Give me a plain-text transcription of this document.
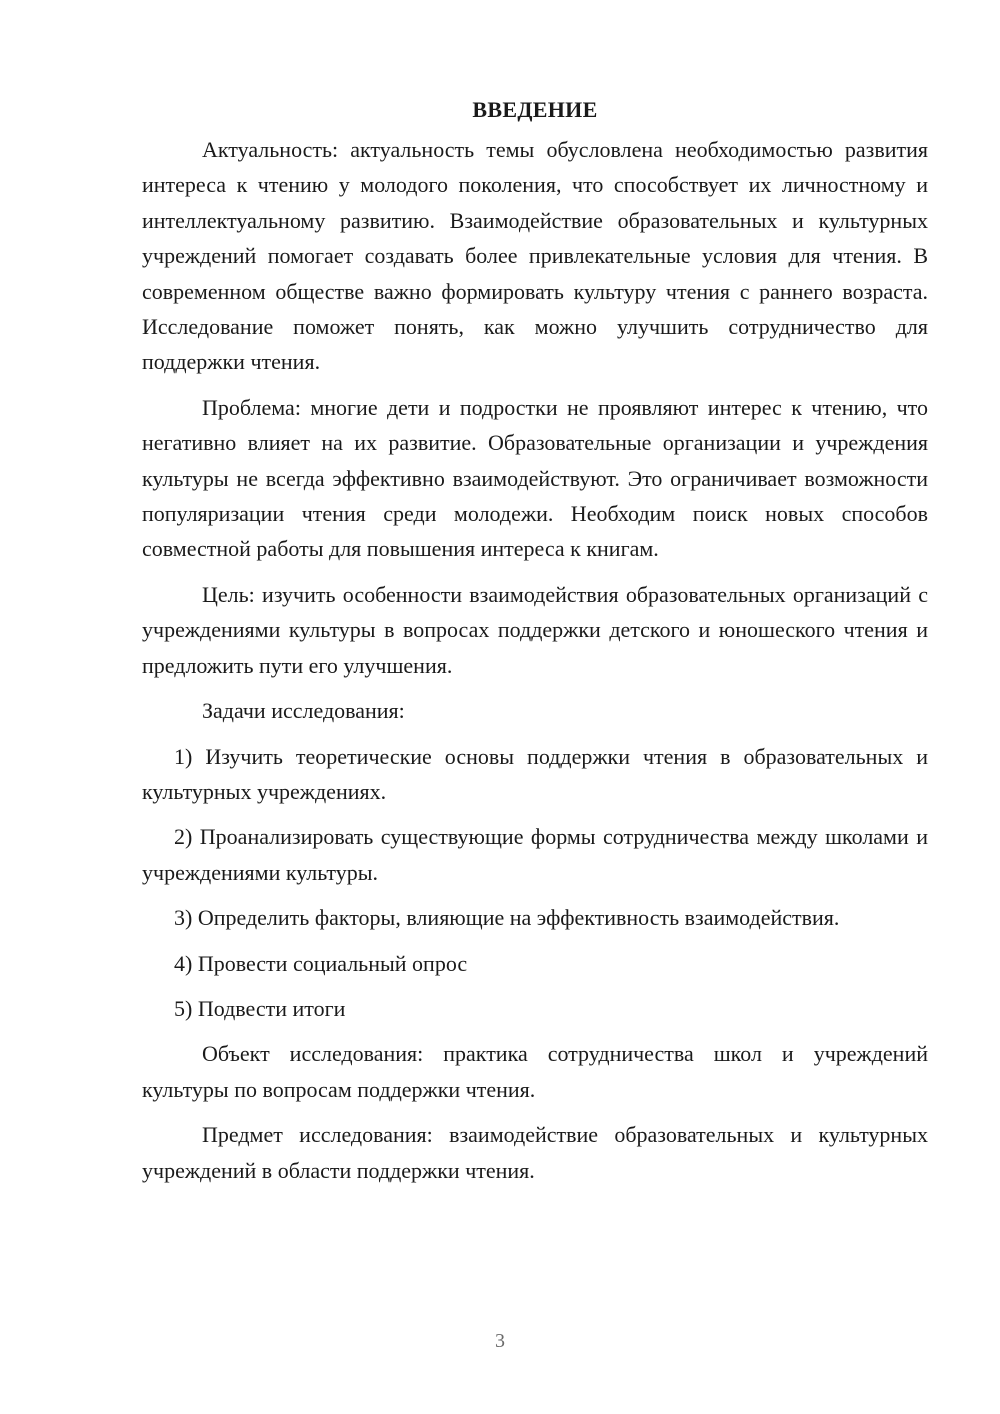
ВВЕДЕНИЕ

Актуальность: актуальность темы обусловлена необходимостью развития интереса к чтению у молодого поколения, что способствует их личностному и интеллектуальному развитию. Взаимодействие образовательных и культурных учреждений помогает создавать более привлекательные условия для чтения. В современном обществе важно формировать культуру чтения с раннего возраста. Исследование поможет понять, как можно улучшить сотрудничество для поддержки чтения.

Проблема: многие дети и подростки не проявляют интерес к чтению, что негативно влияет на их развитие. Образовательные организации и учреждения культуры не всегда эффективно взаимодействуют. Это ограничивает возможности популяризации чтения среди молодежи. Необходим поиск новых способов совместной работы для повышения интереса к книгам.

Цель: изучить особенности взаимодействия образовательных организаций с учреждениями культуры в вопросах поддержки детского и юношеского чтения и предложить пути его улучшения.

Задачи исследования:

1) Изучить теоретические основы поддержки чтения в образовательных и культурных учреждениях.

2) Проанализировать существующие формы сотрудничества между школами и учреждениями культуры.

3) Определить факторы, влияющие на эффективность взаимодействия.

4) Провести социальный опрос

5) Подвести итоги

Объект исследования: практика сотрудничества школ и учреждений культуры по вопросам поддержки чтения.

Предмет исследования: взаимодействие образовательных и культурных учреждений в области поддержки чтения.

3
